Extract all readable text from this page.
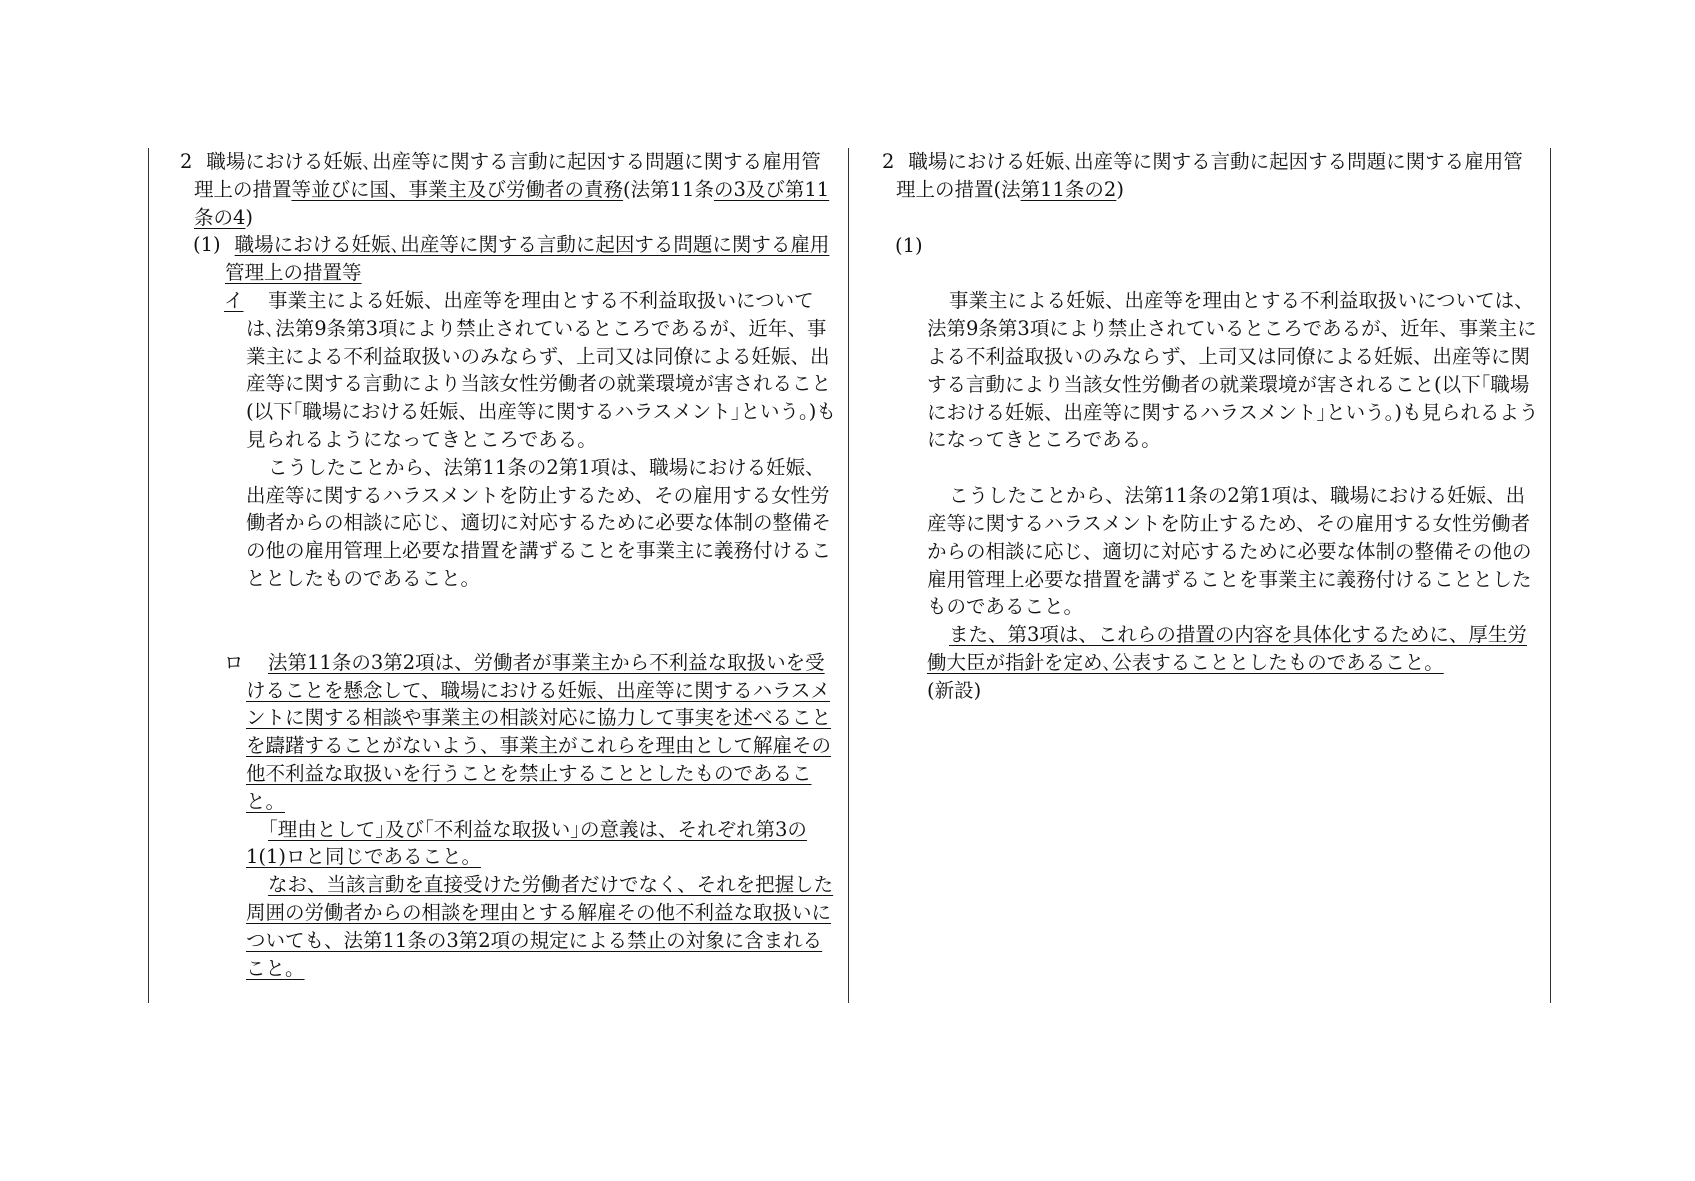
2 職場における妊娠､出産等に関する言動に起因する問題に関する雇用管理上の措置等並びに国、事業主及び労働者の責務(法第11条の3及び第11条の4)

(1) 職場における妊娠､出産等に関する言動に起因する問題に関する雇用管理上の措置等

イ 事業主による妊娠、出産等を理由とする不利益取扱いについては､法第9条第3項により禁止されているところであるが、近年、事業主による不利益取扱いのみならず、上司又は同僚による妊娠、出産等に関する言動により当該女性労働者の就業環境が害されること(以下｢職場における妊娠、出産等に関するハラスメント｣という。)も見られるようになってきところである。

こうしたことから、法第11条の2第1項は、職場における妊娠、出産等に関するハラスメントを防止するため、その雇用する女性労働者からの相談に応じ、適切に対応するために必要な体制の整備その他の雇用管理上必要な措置を講ずることを事業主に義務付けることとしたものであること。

ロ 法第11条の3第2項は、労働者が事業主から不利益な取扱いを受けることを懸念して、職場における妊娠、出産等に関するハラスメントに関する相談や事業主の相談対応に協力して事実を述べることを躊躇することがないよう、事業主がこれらを理由として解雇その他不利益な取扱いを行うことを禁止することとしたものであること。

｢理由として｣及び｢不利益な取扱い｣の意義は、それぞれ第3の1(1)ロと同じであること。

なお、当該言動を直接受けた労働者だけでなく、それを把握した周囲の労働者からの相談を理由とする解雇その他不利益な取扱いについても、法第11条の3第2項の規定による禁止の対象に含まれること。

2 職場における妊娠､出産等に関する言動に起因する問題に関する雇用管理上の措置(法第11条の2)

(1)

事業主による妊娠、出産等を理由とする不利益取扱いについては、法第9条第3項により禁止されているところであるが、近年、事業主による不利益取扱いのみならず、上司又は同僚による妊娠、出産等に関する言動により当該女性労働者の就業環境が害されること(以下｢職場における妊娠、出産等に関するハラスメント｣という。)も見られるようになってきところである。

こうしたことから、法第11条の2第1項は、職場における妊娠、出産等に関するハラスメントを防止するため、その雇用する女性労働者からの相談に応じ、適切に対応するために必要な体制の整備その他の雇用管理上必要な措置を講ずることを事業主に義務付けることとしたものであること。

また、第3項は、これらの措置の内容を具体化するために、厚生労働大臣が指針を定め､公表することとしたものであること。

(新設)
